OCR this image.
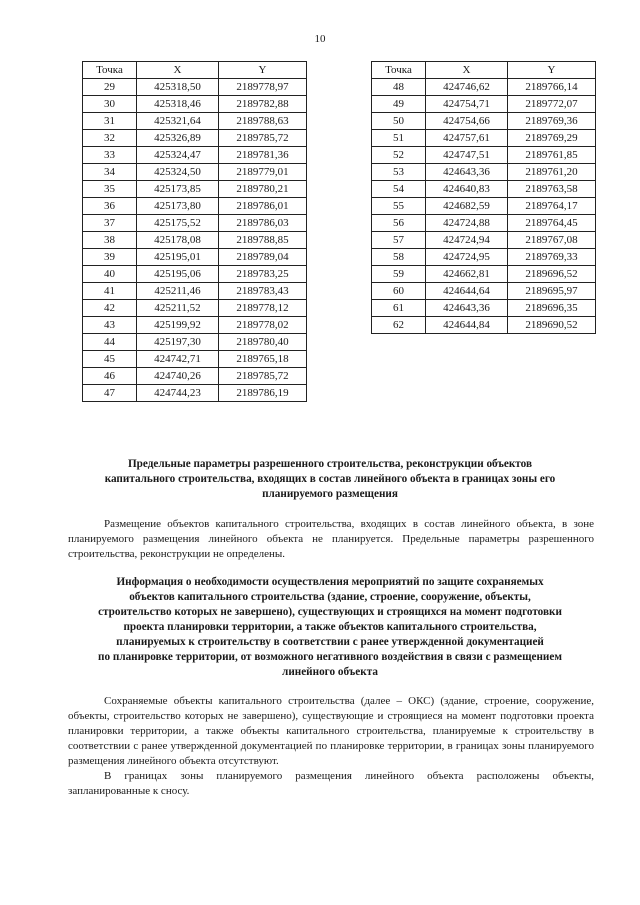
10
Точка	X	Y
29	425318,50	2189778,97
30	425318,46	2189782,88
31	425321,64	2189788,63
32	425326,89	2189785,72
33	425324,47	2189781,36
34	425324,50	2189779,01
35	425173,85	2189780,21
36	425173,80	2189786,01
37	425175,52	2189786,03
38	425178,08	2189788,85
39	425195,01	2189789,04
40	425195,06	2189783,25
41	425211,46	2189783,43
42	425211,52	2189778,12
43	425199,92	2189778,02
44	425197,30	2189780,40
45	424742,71	2189765,18
46	424740,26	2189785,72
47	424744,23	2189786,19
Точка	X	Y
48	424746,62	2189766,14
49	424754,71	2189772,07
50	424754,66	2189769,36
51	424757,61	2189769,29
52	424747,51	2189761,85
53	424643,36	2189761,20
54	424640,83	2189763,58
55	424682,59	2189764,17
56	424724,88	2189764,45
57	424724,94	2189767,08
58	424724,95	2189769,33
59	424662,81	2189696,52
60	424644,64	2189695,97
61	424643,36	2189696,35
62	424644,84	2189690,52
Предельные параметры разрешенного строительства, реконструкции объектов
капитального строительства, входящих в состав линейного объекта в границах зоны его
планируемого размещения

Размещение объектов капитального строительства, входящих в состав линейного объекта, в зоне планируемого размещения линейного объекта не планируется. Предельные параметры разрешенного строительства, реконструкции не определены.

Информация о необходимости осуществления мероприятий по защите сохраняемых
объектов капитального строительства (здание, строение, сооружение, объекты,
строительство которых не завершено), существующих и строящихся на момент подготовки
проекта планировки территории, а также объектов капитального строительства,
планируемых к строительству в соответствии с ранее утвержденной документацией
по планировке территории, от возможного негативного воздействия в связи с размещением
линейного объекта

Сохраняемые объекты капитального строительства (далее – ОКС) (здание, строение, сооружение, объекты, строительство которых не завершено), существующие и строящиеся на момент подготовки проекта планировки территории, а также объекты капитального строительства, планируемые к строительству в соответствии с ранее утвержденной документацией по планировке территории, в границах зоны планируемого размещения линейного объекта отсутствуют.

В границах зоны планируемого размещения линейного объекта расположены объекты, запланированные к сносу.
